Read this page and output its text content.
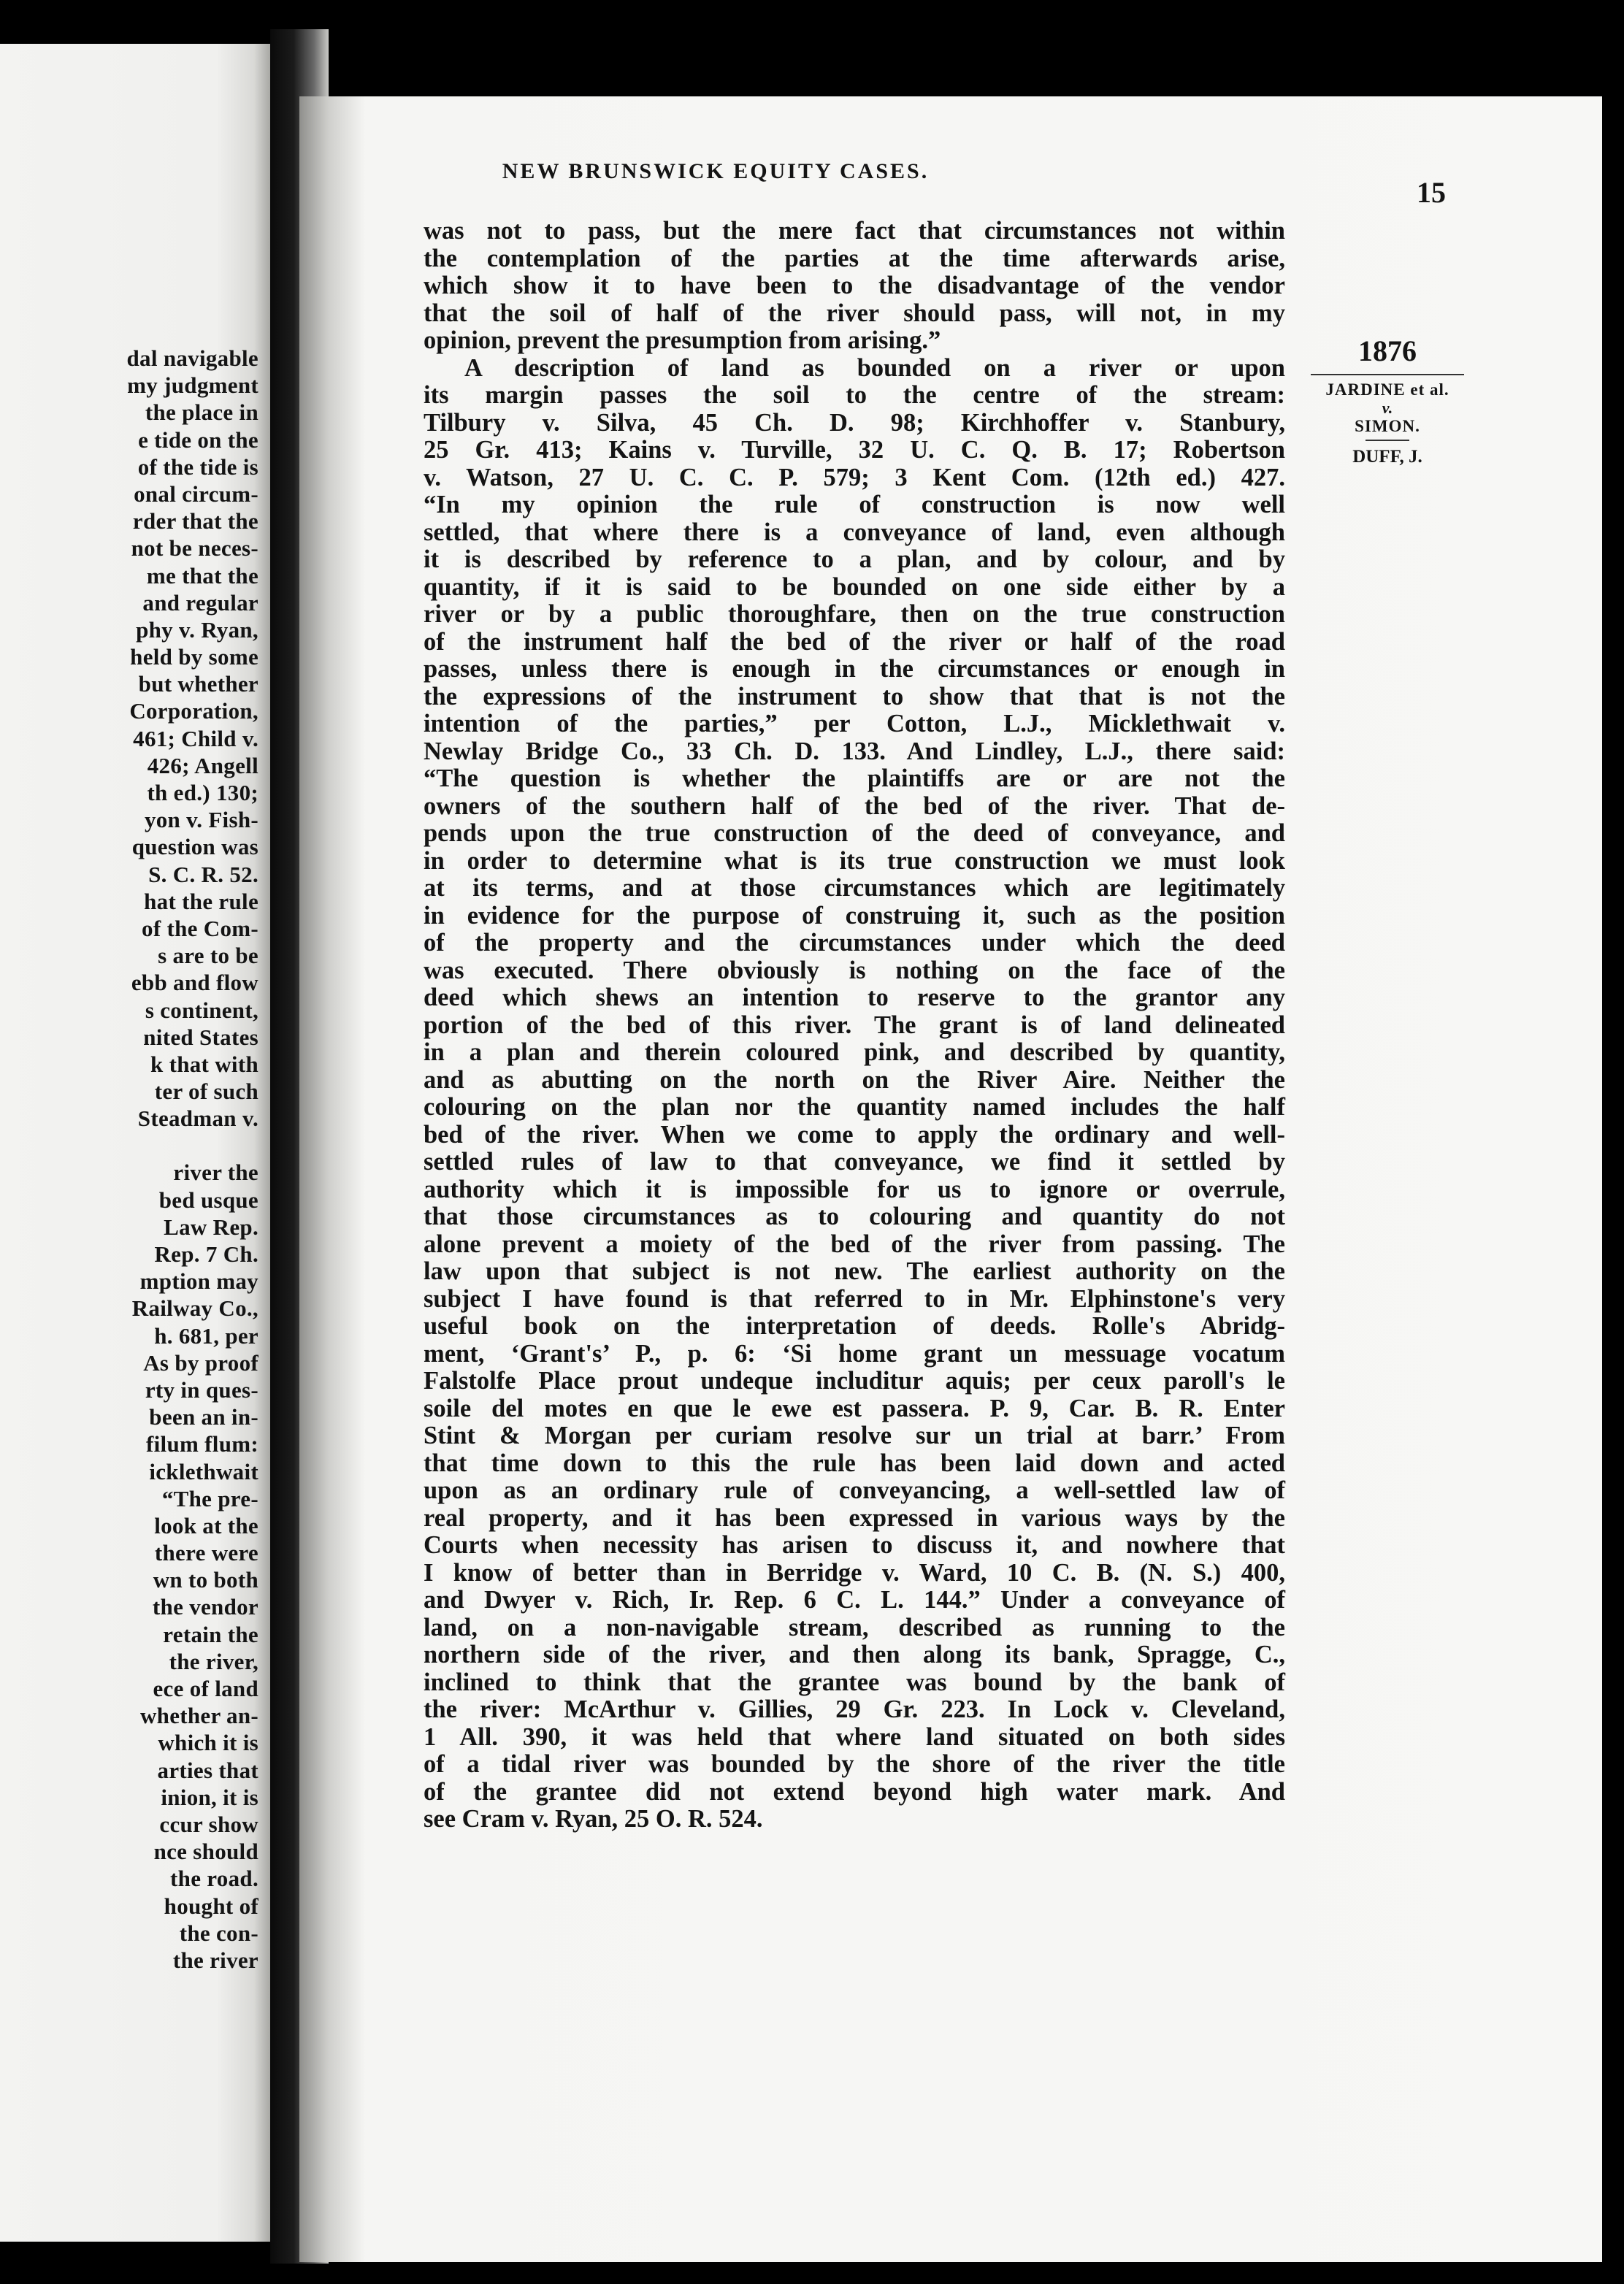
dal navigable
my judgment
the place in
e tide on the
of the tide is
onal circum-
rder that the
not be neces-
me that the
and regular
phy v. Ryan,
held by some
but whether
Corporation,
461; Child v.
426; Angell
th ed.) 130;
yon v. Fish-
question was
S. C. R. 52.
hat the rule
of the Com-
s are to be
ebb and flow
s continent,
nited States
k that with
ter of such
Steadman v.
river the
bed usque
Law Rep.
Rep. 7 Ch.
mption may
Railway Co.,
h. 681, per
As by proof
rty in ques-
been an in-
filum flum:
icklethwait
“The pre-
look at the
there were
wn to both
the vendor
retain the
the river,
ece of land
whether an-
which it is
arties that
inion, it is
ccur show
nce should
the road.
hought of
the con-
the river
NEW BRUNSWICK EQUITY CASES.
15
1876
JARDINE et al.
v.
SIMON.
DUFF, J.
was not to pass, but the mere fact that circumstances not within
the contemplation of the parties at the time afterwards arise,
which show it to have been to the disadvantage of the vendor
that the soil of half of the river should pass, will not, in my
opinion, prevent the presumption from arising.”
A description of land as bounded on a river or upon
its margin passes the soil to the centre of the stream:
Tilbury v. Silva, 45 Ch. D. 98; Kirchhoffer v. Stanbury,
25 Gr. 413; Kains v. Turville, 32 U. C. Q. B. 17; Robertson
v. Watson, 27 U. C. C. P. 579; 3 Kent Com. (12th ed.) 427.
“In my opinion the rule of construction is now well
settled, that where there is a conveyance of land, even although
it is described by reference to a plan, and by colour, and by
quantity, if it is said to be bounded on one side either by a
river or by a public thoroughfare, then on the true construction
of the instrument half the bed of the river or half of the road
passes, unless there is enough in the circumstances or enough in
the expressions of the instrument to show that that is not the
intention of the parties,” per Cotton, L.J., Micklethwait v.
Newlay Bridge Co., 33 Ch. D. 133. And Lindley, L.J., there said:
“The question is whether the plaintiffs are or are not the
owners of the southern half of the bed of the river. That de-
pends upon the true construction of the deed of conveyance, and
in order to determine what is its true construction we must look
at its terms, and at those circumstances which are legitimately
in evidence for the purpose of construing it, such as the position
of the property and the circumstances under which the deed
was executed. There obviously is nothing on the face of the
deed which shews an intention to reserve to the grantor any
portion of the bed of this river. The grant is of land delineated
in a plan and therein coloured pink, and described by quantity,
and as abutting on the north on the River Aire. Neither the
colouring on the plan nor the quantity named includes the half
bed of the river. When we come to apply the ordinary and well-
settled rules of law to that conveyance, we find it settled by
authority which it is impossible for us to ignore or overrule,
that those circumstances as to colouring and quantity do not
alone prevent a moiety of the bed of the river from passing. The
law upon that subject is not new. The earliest authority on the
subject I have found is that referred to in Mr. Elphinstone's very
useful book on the interpretation of deeds. Rolle's Abridg-
ment, ‘Grant's’ P., p. 6: ‘Si home grant un messuage vocatum
Falstolfe Place prout undeque includitur aquis; per ceux paroll's le
soile del motes en que le ewe est passera. P. 9, Car. B. R. Enter
Stint & Morgan per curiam resolve sur un trial at barr.’ From
that time down to this the rule has been laid down and acted
upon as an ordinary rule of conveyancing, a well-settled law of
real property, and it has been expressed in various ways by the
Courts when necessity has arisen to discuss it, and nowhere that
I know of better than in Berridge v. Ward, 10 C. B. (N. S.) 400,
and Dwyer v. Rich, Ir. Rep. 6 C. L. 144.” Under a conveyance of
land, on a non-navigable stream, described as running to the
northern side of the river, and then along its bank, Spragge, C.,
inclined to think that the grantee was bound by the bank of
the river: McArthur v. Gillies, 29 Gr. 223. In Lock v. Cleveland,
1 All. 390, it was held that where land situated on both sides
of a tidal river was bounded by the shore of the river the title
of the grantee did not extend beyond high water mark. And
see Cram v. Ryan, 25 O. R. 524.
